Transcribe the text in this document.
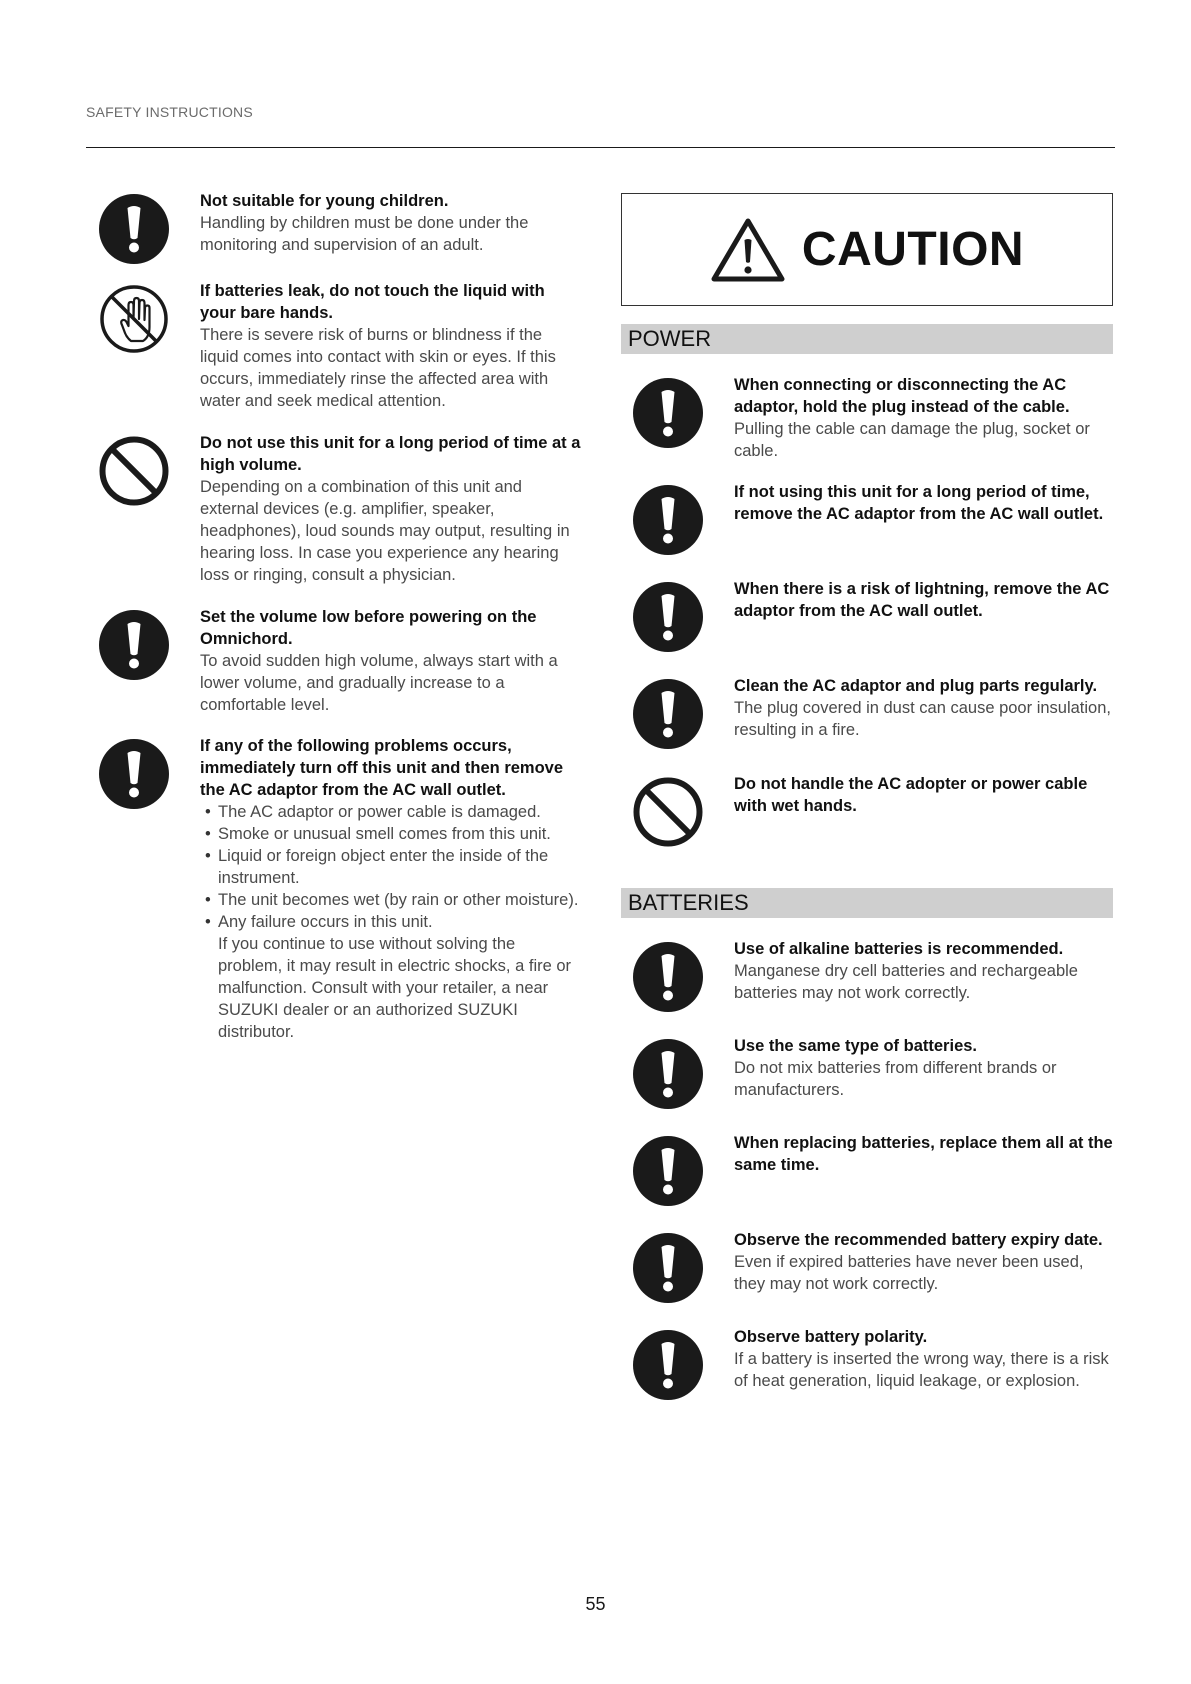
SAFETY INSTRUCTIONS
Not suitable for young children.
Handling by children must be done under the monitoring and supervision of an adult.
If batteries leak, do not touch the liquid with your bare hands.
There is severe risk of burns or blindness if the liquid comes into contact with skin or eyes. If this occurs, immediately rinse the affected area with water and seek medical attention.
Do not use this unit for a long period of time at a high volume.
Depending on a combination of this unit and external devices (e.g. amplifier, speaker, headphones), loud sounds may output, resulting in hearing loss. In case you experience any hearing loss or ringing, consult a physician.
Set the volume low before powering on the Omnichord.
To avoid sudden high volume, always start with a lower volume, and gradually increase to a comfortable level.
If any of the following problems occurs, immediately turn off this unit and then remove the AC adaptor from the AC wall outlet.
• The AC adaptor or power cable is damaged.
• Smoke or unusual smell comes from this unit.
• Liquid or foreign object enter the inside of the instrument.
• The unit becomes wet (by rain or other moisture).
• Any failure occurs in this unit.
If you continue to use without solving the problem, it may result in electric shocks, a fire or malfunction. Consult with your retailer, a near SUZUKI dealer or an authorized SUZUKI distributor.
CAUTION
POWER
When connecting or disconnecting the AC adaptor, hold the plug instead of the cable.
Pulling the cable can damage the plug, socket or cable.
If not using this unit for a long period of time, remove the AC adaptor from the AC wall outlet.
When there is a risk of lightning, remove the AC adaptor from the AC wall outlet.
Clean the AC adaptor and plug parts regularly.
The plug covered in dust can cause poor insulation, resulting in a fire.
Do not handle the AC adopter or power cable with wet hands.
BATTERIES
Use of alkaline batteries is recommended.
Manganese dry cell batteries and rechargeable batteries may not work correctly.
Use the same type of batteries.
Do not mix batteries from different brands or manufacturers.
When replacing batteries, replace them all at the same time.
Observe the recommended battery expiry date.
Even if expired batteries have never been used, they may not work correctly.
Observe battery polarity.
If a battery is inserted the wrong way, there is a risk of heat generation, liquid leakage, or explosion.
55
